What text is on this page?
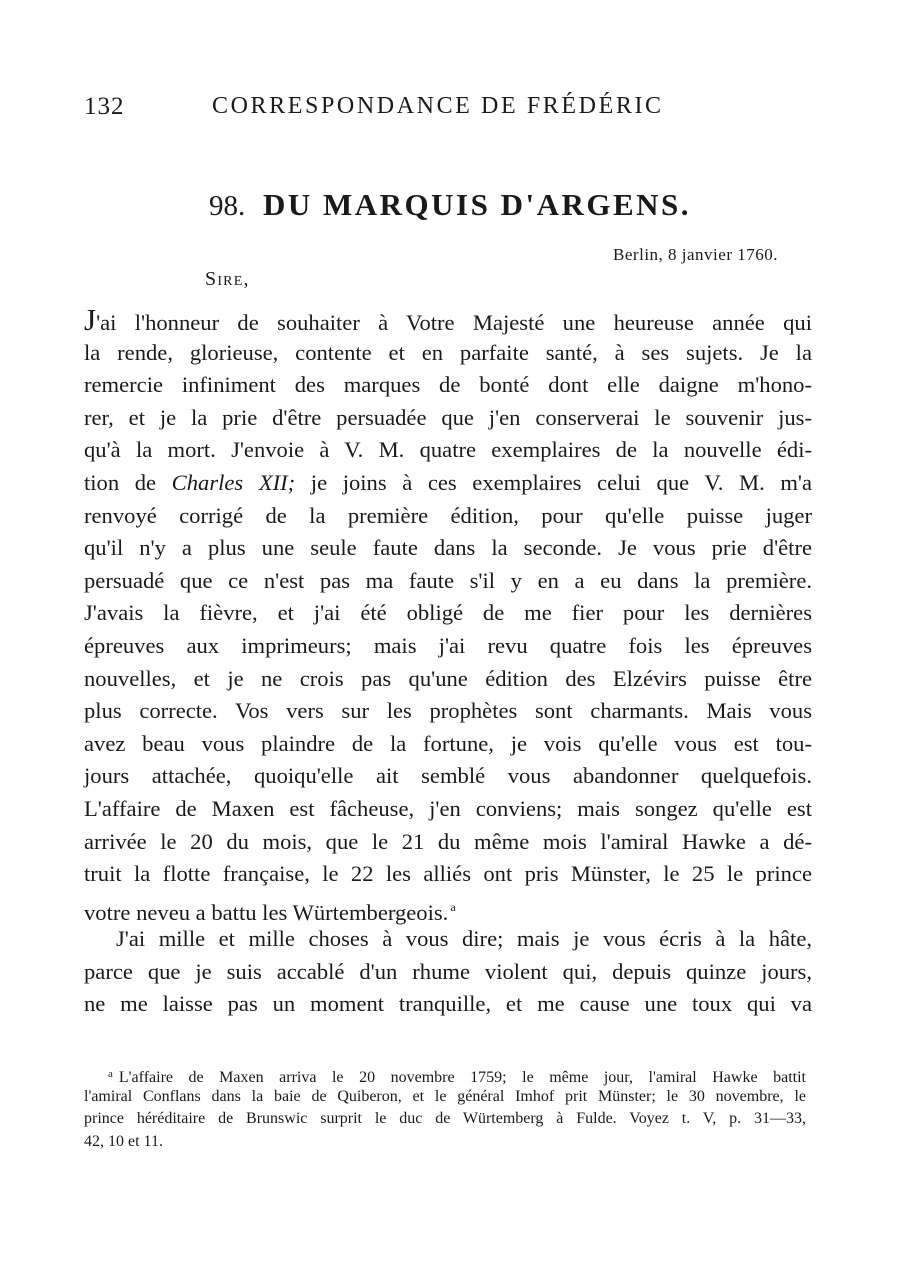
132	CORRESPONDANCE DE FRÉDÉRIC
98. DU MARQUIS D'ARGENS.
Berlin, 8 janvier 1760.
Sire,
J'ai l'honneur de souhaiter à Votre Majesté une heureuse année qui
la rende, glorieuse, contente et en parfaite santé, à ses sujets. Je la
remercie infiniment des marques de bonté dont elle daigne m'hono-
rer, et je la prie d'être persuadée que j'en conserverai le souvenir jus-
qu'à la mort. J'envoie à V. M. quatre exemplaires de la nouvelle édi-
tion de Charles XII; je joins à ces exemplaires celui que V. M. m'a
renvoyé corrigé de la première édition, pour qu'elle puisse juger
qu'il n'y a plus une seule faute dans la seconde. Je vous prie d'être
persuadé que ce n'est pas ma faute s'il y en a eu dans la première.
J'avais la fièvre, et j'ai été obligé de me fier pour les dernières
épreuves aux imprimeurs; mais j'ai revu quatre fois les épreuves
nouvelles, et je ne crois pas qu'une édition des Elzévirs puisse être
plus correcte. Vos vers sur les prophètes sont charmants. Mais vous
avez beau vous plaindre de la fortune, je vois qu'elle vous est tou-
jours attachée, quoiqu'elle ait semblé vous abandonner quelquefois.
L'affaire de Maxen est fâcheuse, j'en conviens; mais songez qu'elle est
arrivée le 20 du mois, que le 21 du même mois l'amiral Hawke a dé-
truit la flotte française, le 22 les alliés ont pris Münster, le 25 le prince
votre neveu a battu les Würtembergeois. $^a$
J'ai mille et mille choses à vous dire; mais je vous écris à la hâte,
parce que je suis accablé d'un rhume violent qui, depuis quinze jours,
ne me laisse pas un moment tranquille, et me cause une toux qui va
$^a$ L'affaire de Maxen arriva le 20 novembre 1759; le même jour, l'amiral Hawke battit
l'amiral Conflans dans la baie de Quiberon, et le général Imhof prit Münster; le 30 novembre, le
prince héréditaire de Brunswic surprit le duc de Würtemberg à Fulde. Voyez t. V, p. 31—33,
42, 10 et 11.
